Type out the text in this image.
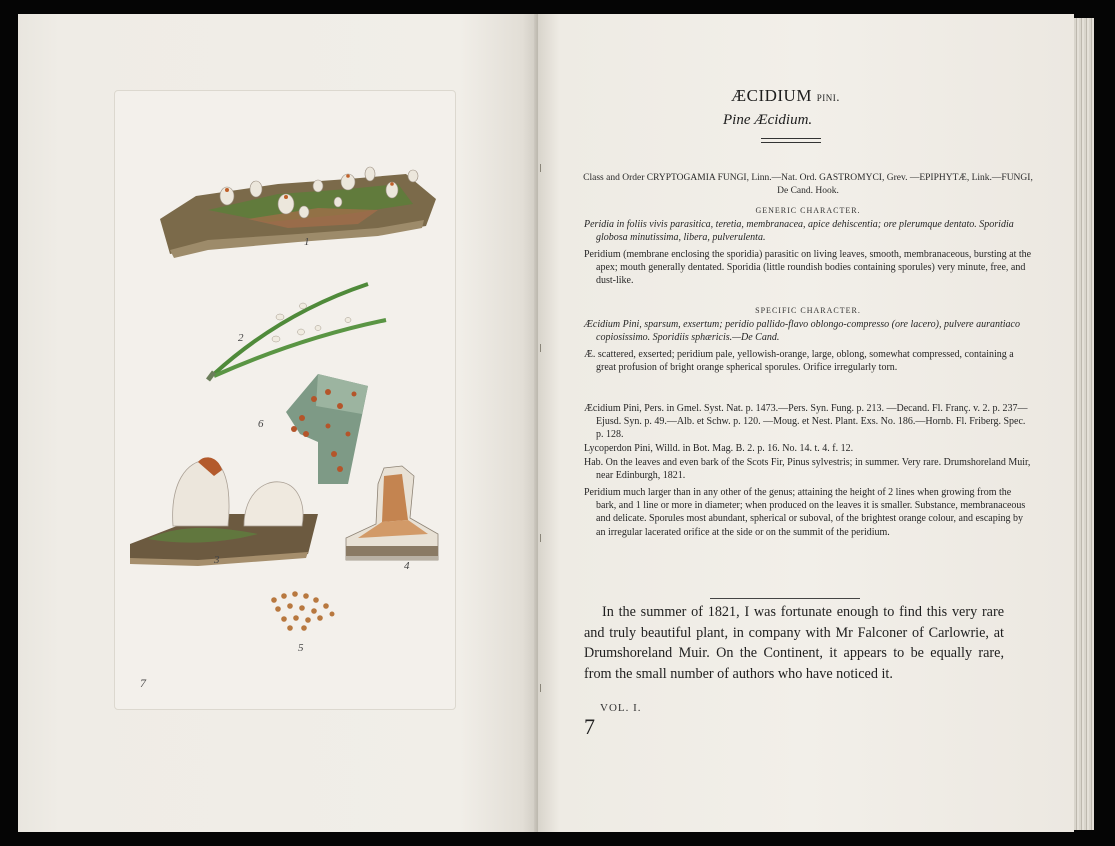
1
2
6
3	4
5
7
ÆCIDIUM pini.
Pine Æcidium.
Class and Order CRYPTOGAMIA FUNGI, Linn.—Nat. Ord. GASTROMYCI, Grev. —EPIPHYTÆ, Link.—FUNGI, De Cand. Hook.
GENERIC CHARACTER.
Peridia in foliis vivis parasitica, teretia, membranacea, apice dehiscentia; ore plerumque dentato. Sporidia globosa minutissima, libera, pulverulenta.
Peridium (membrane enclosing the sporidia) parasitic on living leaves, smooth, membranaceous, bursting at the apex; mouth generally dentated. Sporidia (little roundish bodies containing sporules) very minute, free, and dust-like.
SPECIFIC CHARACTER.
Æcidium Pini, sparsum, exsertum; peridio pallido-flavo oblongo-compresso (ore lacero), pulvere aurantiaco copiosissimo. Sporidiis sphæricis.—De Cand.
Æ. scattered, exserted; peridium pale, yellowish-orange, large, oblong, somewhat compressed, containing a great profusion of bright orange spherical sporules. Orifice irregularly torn.
Æcidium Pini, Pers. in Gmel. Syst. Nat. p. 1473.—Pers. Syn. Fung. p. 213. —Decand. Fl. Franç. v. 2. p. 237—Ejusd. Syn. p. 49.—Alb. et Schw. p. 120. —Moug. et Nest. Plant. Exs. No. 186.—Hornb. Fl. Friberg. Spec. p. 128.
Lycoperdon Pini, Willd. in Bot. Mag. B. 2. p. 16. No. 14. t. 4. f. 12.
Hab. On the leaves and even bark of the Scots Fir, Pinus sylvestris; in summer. Very rare. Drumshoreland Muir, near Edinburgh, 1821.
Peridium much larger than in any other of the genus; attaining the height of 2 lines when growing from the bark, and 1 line or more in diameter; when produced on the leaves it is smaller. Substance, membranaceous and delicate. Sporules most abundant, spherical or suboval, of the brightest orange colour, and escaping by an irregular lacerated orifice at the side or on the summit of the peridium.

In the summer of 1821, I was fortunate enough to find this very rare and truly beautiful plant, in company with Mr Falconer of Carlowrie, at Drumshoreland Muir. On the Continent, it appears to be equally rare, from the small number of authors who have noticed it.

VOL. I.
7
